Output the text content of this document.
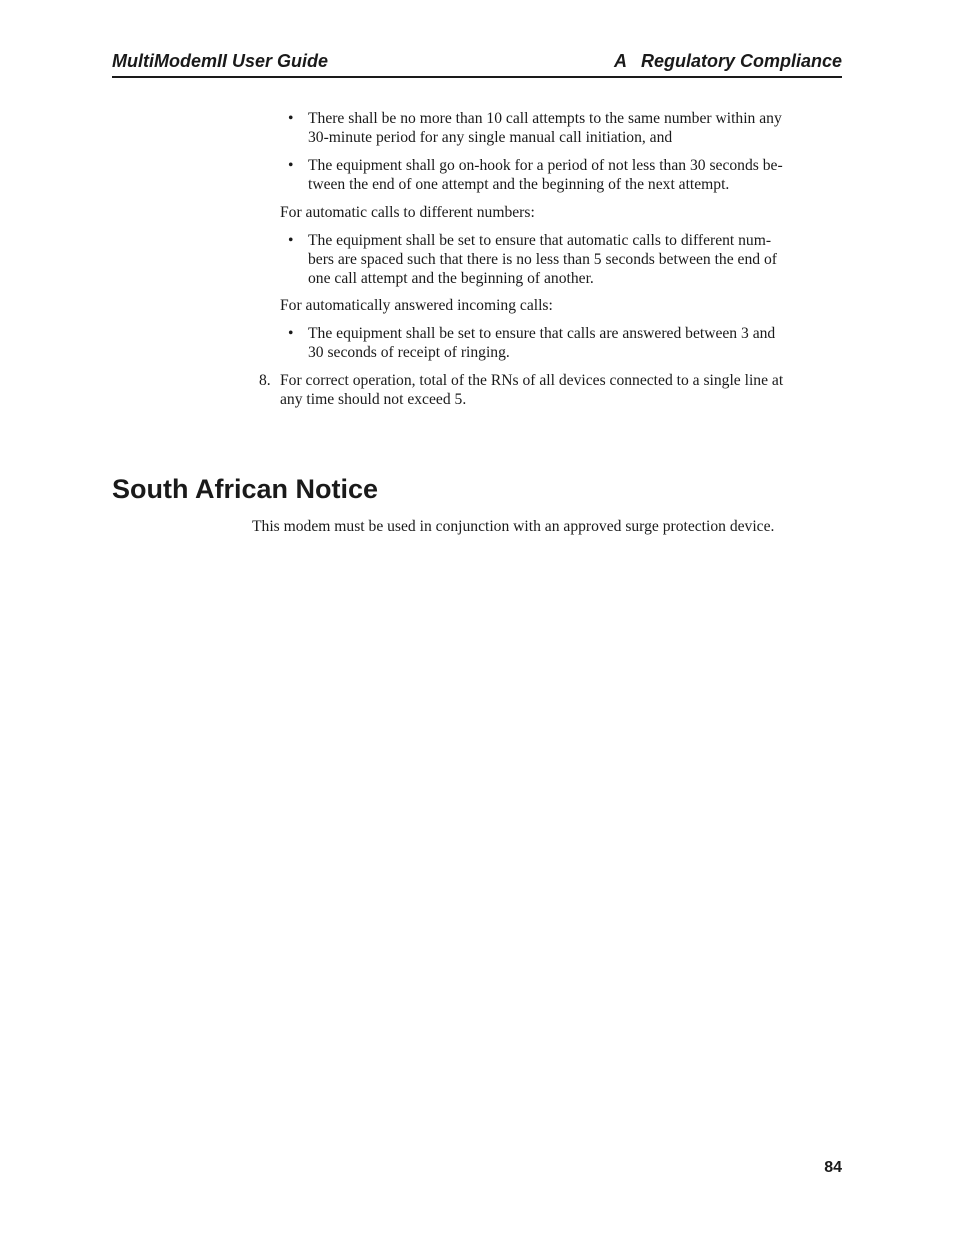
MultiModemII User Guide	A Regulatory Compliance
• There shall be no more than 10 call attempts to the same number within any
30-minute period for any single manual call initiation, and
• The equipment shall go on-hook for a period of not less than 30 seconds be-
tween the end of one attempt and the beginning of the next attempt.

For automatic calls to different numbers:

• The equipment shall be set to ensure that automatic calls to different num-
bers are spaced such that there is no less than 5 seconds between the end of
one call attempt and the beginning of another.

For automatically answered incoming calls:

• The equipment shall be set to ensure that calls are answered between 3 and
30 seconds of receipt of ringing.
8. For correct operation, total of the RNs of all devices connected to a single line at
any time should not exceed 5.
South African Notice

This modem must be used in conjunction with an approved surge protection device.

84
